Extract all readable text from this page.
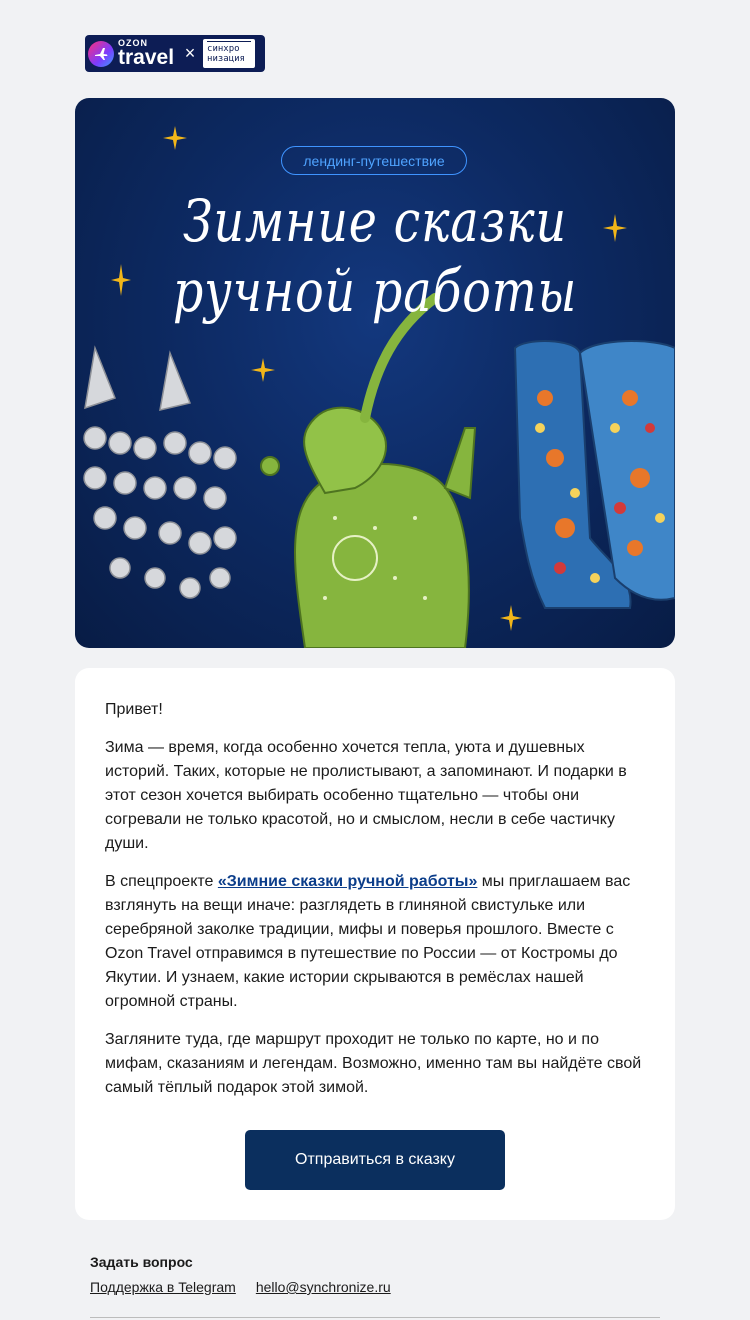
OZON
travel × синхро
низация
лендинг-путешествие
Зимние сказки
ручной работы
Привет!
Зима — время, когда особенно хочется тепла, уюта и душевных историй. Таких, которые не пролистывают, а запоминают. И подарки в этот сезон хочется выбирать особенно тщательно — чтобы они согревали не только красотой, но и смыслом, несли в себе частичку души.
В спецпроекте «Зимние сказки ручной работы» мы приглашаем вас взглянуть на вещи иначе: разглядеть в глиняной свистульке или серебряной заколке традиции, мифы и поверья прошлого. Вместе с Ozon Travel отправимся в путешествие по России — от Костромы до Якутии. И узнаем, какие истории скрываются в ремёслах нашей огромной страны.
Загляните туда, где маршрут проходит не только по карте, но и по мифам, сказаниям и легендам. Возможно, именно там вы найдёте свой самый тёплый подарок этой зимой.
Отправиться в сказку
Задать вопрос
Поддержка в Telegram hello@synchronize.ru
